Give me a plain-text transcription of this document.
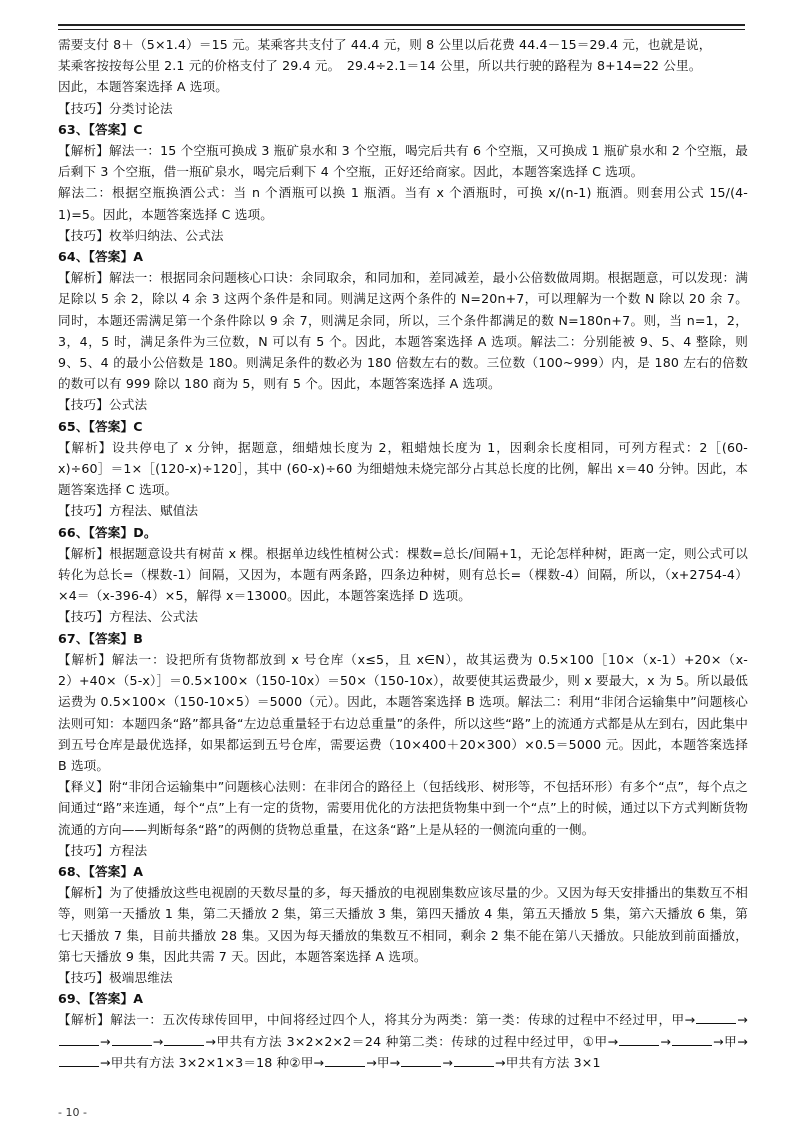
需要支付 8＋（5×1.4）＝15 元。某乘客共支付了 44.4 元，则 8 公里以后花费 44.4－15＝29.4 元，也就是说，

某乘客按按每公里 2.1 元的价格支付了 29.4 元。　29.4÷2.1＝14 公里，所以共行驶的路程为 8+14=22 公里。

因此，本题答案选择 A 选项。

【技巧】分类讨论法

63、【答案】C

【解析】解法一：15 个空瓶可换成 3 瓶矿泉水和 3 个空瓶，喝完后共有 6 个空瓶，又可换成 1 瓶矿泉水和 2 个空瓶，最后剩下 3 个空瓶，借一瓶矿泉水，喝完后剩下 4 个空瓶，正好还给商家。因此，本题答案选择 C 选项。

解法二：根据空瓶换酒公式：当 n 个酒瓶可以换 1 瓶酒。当有 x 个酒瓶时，可换 x/(n-1) 瓶酒。则套用公式 15/(4-1)=5。因此，本题答案选择 C 选项。

【技巧】枚举归纳法、公式法

64、【答案】A

【解析】解法一：根据同余问题核心口诀：余同取余，和同加和，差同减差，最小公倍数做周期。根据题意，可以发现：满足除以 5 余 2，除以 4 余 3 这两个条件是和同。则满足这两个条件的 N=20n+7，可以理解为一个数 N 除以 20 余 7。同时，本题还需满足第一个条件除以 9 余 7，则满足余同，所以，三个条件都满足的数 N=180n+7。则，当 n=1，2，3，4，5 时，满足条件为三位数，N 可以有 5 个。因此，本题答案选择 A 选项。解法二：分别能被 9、5、4 整除，则 9、5、4 的最小公倍数是 180。则满足条件的数必为 180 倍数左右的数。三位数（100~999）内，是 180 左右的倍数的数可以有 999 除以 180 商为 5，则有 5 个。因此，本题答案选择 A 选项。

【技巧】公式法

65、【答案】C

【解析】设共停电了 x 分钟，据题意，细蜡烛长度为 2，粗蜡烛长度为 1，因剩余长度相同，可列方程式：2［(60-x)÷60］＝1×［(120-x)÷120］，其中 (60-x)÷60 为细蜡烛未烧完部分占其总长度的比例，解出 x＝40 分钟。因此，本题答案选择 C 选项。

【技巧】方程法、赋值法

66、【答案】D。

【解析】根据题意设共有树苗 x 棵。根据单边线性植树公式：棵数=总长/间隔+1，无论怎样种树，距离一定，则公式可以转化为总长=（棵数-1）间隔，又因为，本题有两条路，四条边种树，则有总长=（棵数-4）间隔，所以，（x+2754-4）×4＝（x-396-4）×5，解得 x＝13000。因此，本题答案选择 D 选项。

【技巧】方程法、公式法

67、【答案】B

【解析】解法一：设把所有货物都放到 x 号仓库（x≤5，且 x∈N），故其运费为 0.5×100［10×（x-1）+20×（x-2）+40×（5-x）］＝0.5×100×（150-10x）＝50×（150-10x），故要使其运费最少，则 x 要最大，x 为 5。所以最低运费为 0.5×100×（150-10×5）＝5000（元）。因此，本题答案选择 B 选项。解法二：利用“非闭合运输集中”问题核心法则可知：本题四条“路”都具备“左边总重量轻于右边总重量”的条件，所以这些“路”上的流通方式都是从左到右，因此集中到五号仓库是最优选择，如果都运到五号仓库，需要运费（10×400＋20×300）×0.5＝5000 元。因此，本题答案选择 B 选项。

【释义】附“非闭合运输集中”问题核心法则：在非闭合的路径上（包括线形、树形等，不包括环形）有多个“点”，每个点之间通过“路”来连通，每个“点”上有一定的货物，需要用优化的方法把货物集中到一个“点”上的时候，通过以下方式判断货物流通的方向——判断每条“路”的两侧的货物总重量，在这条“路”上是从轻的一侧流向重的一侧。

【技巧】方程法

68、【答案】A

【解析】为了使播放这些电视剧的天数尽量的多，每天播放的电视剧集数应该尽量的少。又因为每天安排播出的集数互不相等，则第一天播放 1 集，第二天播放 2 集，第三天播放 3 集，第四天播放 4 集，第五天播放 5 集，第六天播放 6 集，第七天播放 7 集，目前共播放 28 集。又因为每天播放的集数互不相同，剩余 2 集不能在第八天播放。只能放到前面播放，第七天播放 9 集，因此共需 7 天。因此，本题答案选择 A 选项。

【技巧】极端思维法

69、【答案】A

【解析】解法一：五次传球传回甲，中间将经过四个人，将其分为两类：第一类：传球的过程中不经过甲，甲→	→→	→	→甲共有方法 3×2×2×2＝24 种第二类：传球的过程中经过甲，①甲→	→	→甲→→甲共有方法 3×2×1×3＝18 种②甲→	→甲→	→	→甲共有方法 3×1

- 10 -
